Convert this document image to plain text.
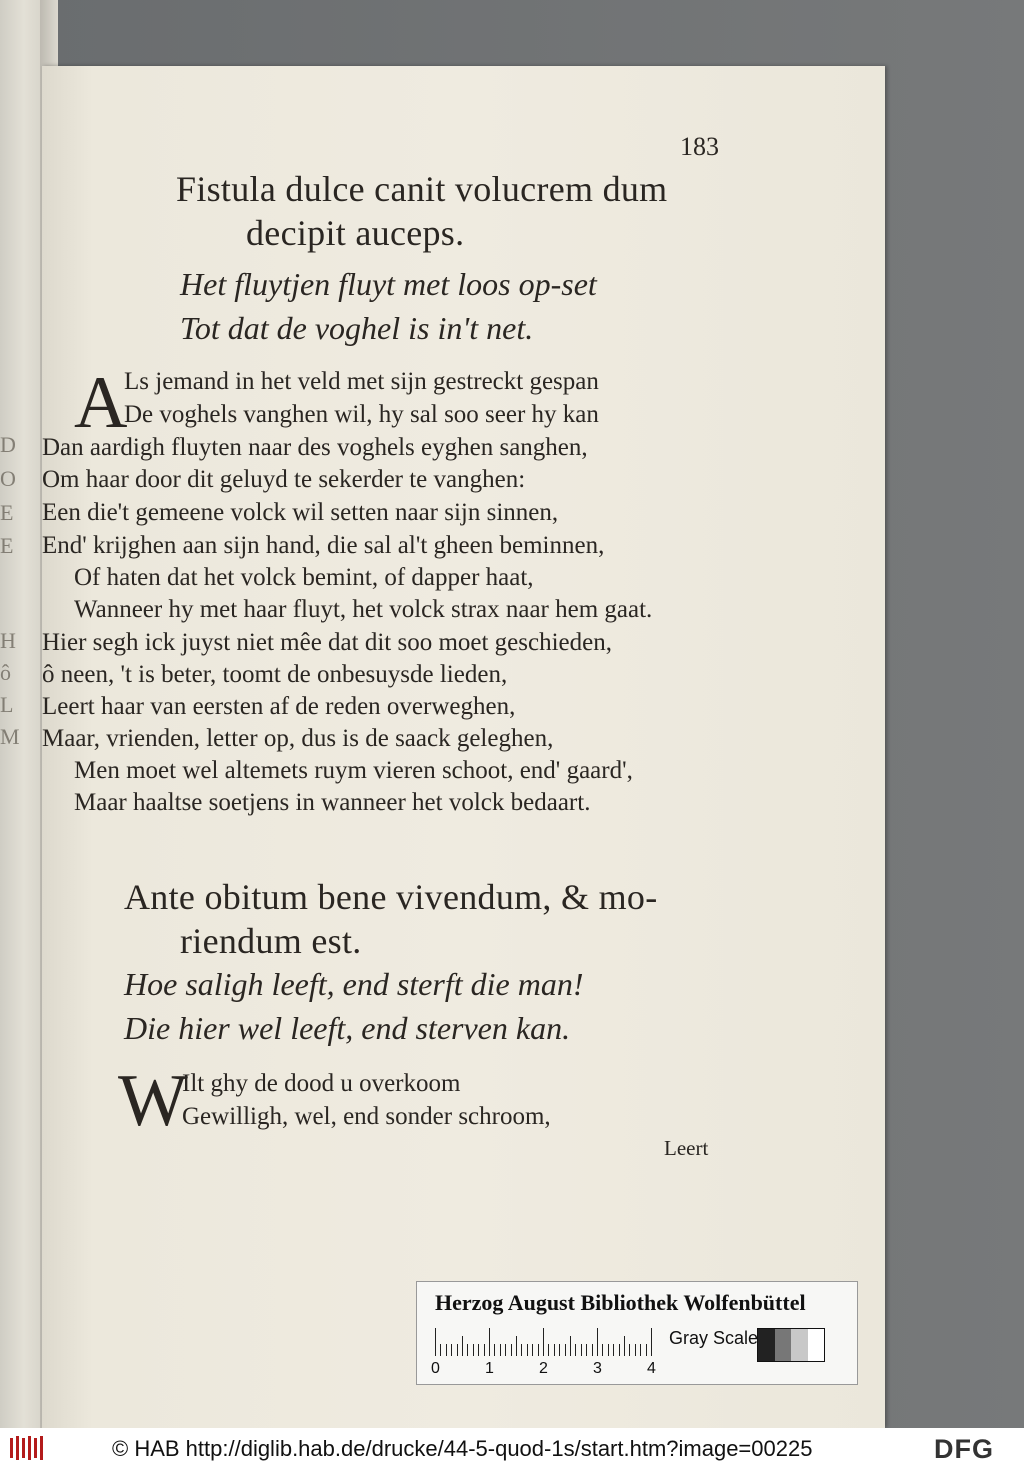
D
O
E
E
H
ô
L
M
183
Fistula dulce canit volucrem dum
decipit auceps.
Het fluytjen fluyt met loos op-set
Tot dat de voghel is in't net.
A
Ls jemand in het veld met sijn gestreckt gespan
De voghels vanghen wil, hy sal soo seer hy kan
Dan aardigh fluyten naar des voghels eyghen sanghen,
Om haar door dit geluyd te sekerder te vanghen:
Een die't gemeene volck wil setten naar sijn sinnen,
End' krijghen aan sijn hand, die sal al't gheen beminnen,
Of haten dat het volck bemint, of dapper haat,
Wanneer hy met haar fluyt, het volck strax naar hem gaat.
Hier segh ick juyst niet mêe dat dit soo moet geschieden,
ô neen, 't is beter, toomt de onbesuysde lieden,
Leert haar van eersten af de reden overweghen,
Maar, vrienden, letter op, dus is de saack geleghen,
Men moet wel altemets ruym vieren schoot, end' gaard',
Maar haaltse soetjens in wanneer het volck bedaart.
Ante obitum bene vivendum, & mo-
riendum est.
Hoe saligh leeft, end sterft die man!
Die hier wel leeft, end sterven kan.
W
Ilt ghy de dood u overkoom
Gewilligh, wel, end sonder schroom,
Leert
Herzog August Bibliothek Wolfenbüttel
0	1	2	3	4
Gray Scale
© HAB http://diglib.hab.de/drucke/44-5-quod-1s/start.htm?image=00225	DFG
